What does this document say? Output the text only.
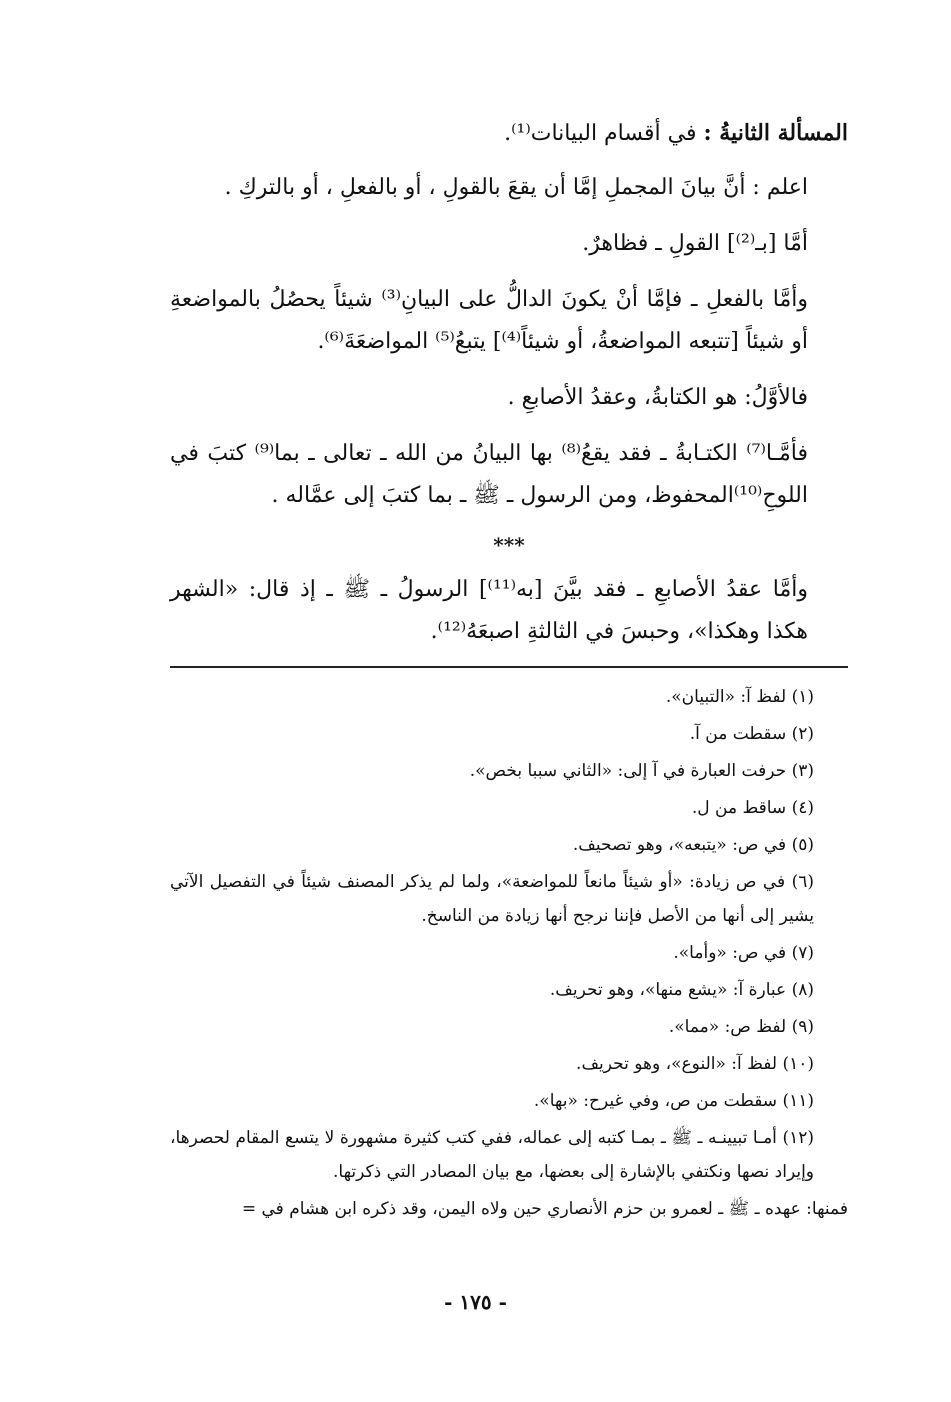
المسألة الثانيةُ : في أقسام البيانات⁽¹⁾.

اعلم : أنَّ بيانَ المجملِ إمَّا أن يقعَ بالقولِ ، أو بالفعلِ ، أو بالتركِ .

أمَّا [بـ⁽²⁾] القولِ ـ فظاهرٌ.

وأمَّا بالفعلِ ـ فإمَّا أنْ يكونَ الدالُّ على البيانِ⁽³⁾ شيئاً يحصُلُ بالمواضعةِ أو شيئاً [تتبعه المواضعةُ، أو شيئاً⁽⁴⁾] يتبعُ⁽⁵⁾ المواضعَةَ⁽⁶⁾.

فالأوَّلُ: هو الكتابةُ، وعقدُ الأصابعِ .

فأمَّـا⁽⁷⁾ الكتـابةُ ـ فقد يقعُ⁽⁸⁾ بها البيانُ من الله ـ تعالى ـ بما⁽⁹⁾ كتبَ في اللوحِ⁽¹⁰⁾المحفوظ، ومن الرسول ـ ﷺ ـ بما كتبَ إلى عمَّاله .

***

وأمَّا عقدُ الأصابعِ ـ فقد بيَّنَ [به⁽¹¹⁾] الرسولُ ـ ﷺ ـ إذ قال: «الشهر هكذا وهكذا»، وحبسَ في الثالثةِ اصبعَهُ⁽¹²⁾.

(١) لفظ آ: «التبيان».

(٢) سقطت من آ.

(٣) حرفت العبارة في آ إلى: «الثاني سببا بخص».

(٤) ساقط من ل.

(٥) في ص: «يتبعه»، وهو تصحيف.

(٦) في ص زيادة: «أو شيئاً مانعاً للمواضعة»، ولما لم يذكر المصنف شيئاً في التفصيل الآتي يشير إلى أنها من الأصل فإننا نرجح أنها زيادة من الناسخ.

(٧) في ص: «وأما».

(٨) عبارة آ: «يشع منها»، وهو تحريف.

(٩) لفظ ص: «مما».

(١٠) لفظ آ: «النوع»، وهو تحريف.

(١١) سقطت من ص، وفي غيرح: «بها».

(١٢) أمـا تبيينـه ـ ﷺ ـ بمـا كتبه إلى عماله، ففي كتب كثيرة مشهورة لا يتسع المقام لحصرها، وإيراد نصها ونكتفي بالإشارة إلى بعضها، مع بيان المصادر التي ذكرتها.

فمنها: عهده ـ ﷺ ـ لعمرو بن حزم الأنصاري حين ولاه اليمن، وقد ذكره ابن هشام في =

- ١٧٥ -
